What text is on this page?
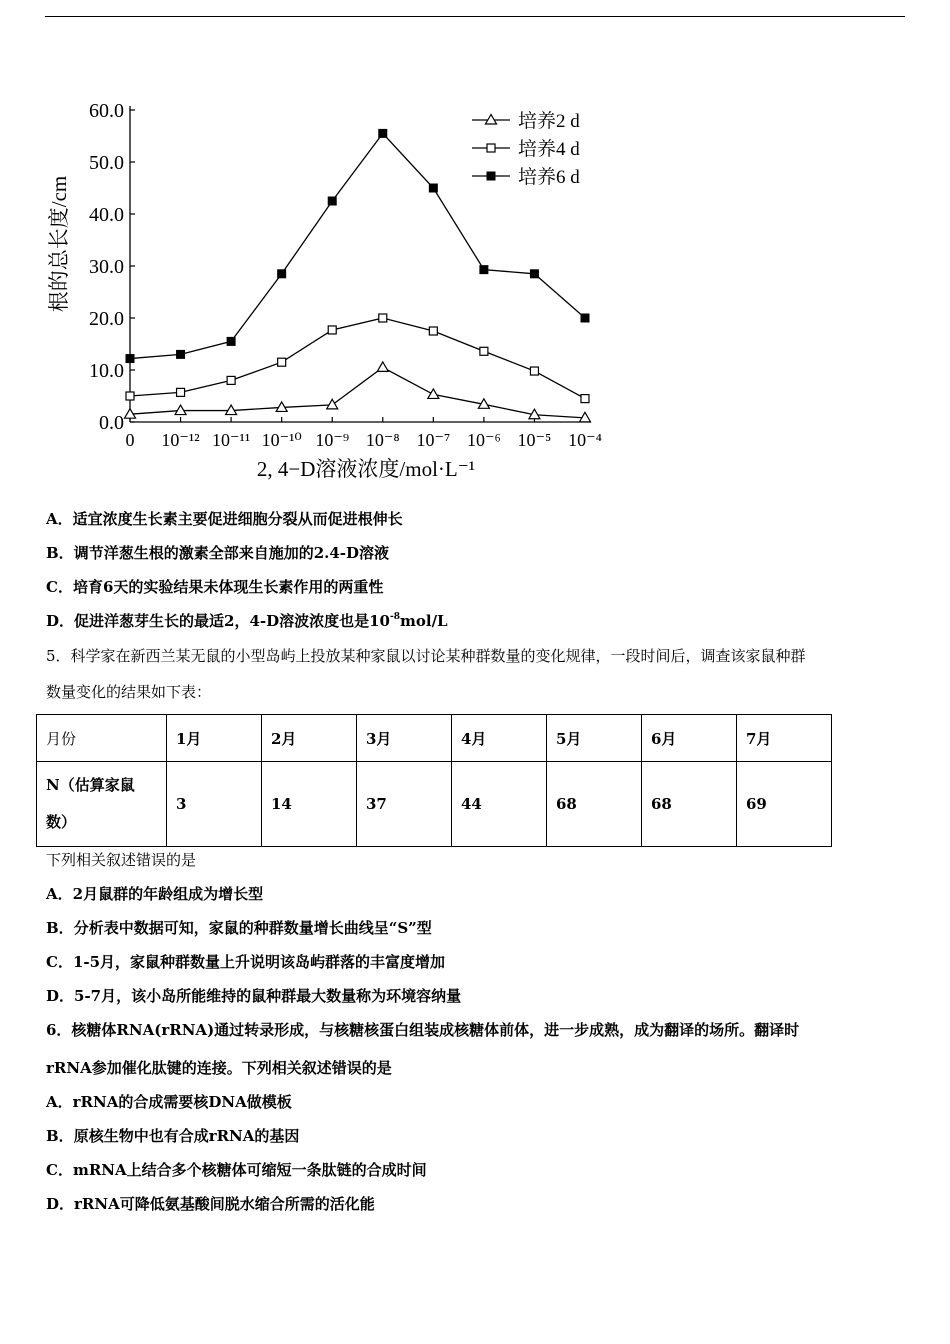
0.0
10.0
20.0
30.0
40.0
50.0
60.0
0 10⁻¹² 10⁻¹¹ 10⁻¹⁰ 10⁻⁹ 10⁻⁸ 10⁻⁷ 10⁻⁶ 10⁻⁵ 10⁻⁴
根的总长度/cm
2, 4−D溶液浓度/mol·L⁻¹
培养2 d
培养4 d
培养6 d
A．适宜浓度生长素主要促进细胞分裂从而促进根伸长
B．调节洋葱生根的激素全部来自施加的2.4-D溶液
C．培育6天的实验结果未体现生长素作用的两重性
D．促进洋葱芽生长的最适2，4-D溶波浓度也是$10^{-8}mol/L$
5．科学家在新西兰某无鼠的小型岛屿上投放某种家鼠以讨论某种群数量的变化规律，一段时间后，调查该家鼠种群
数量变化的结果如下表：
月份	1月	2月	3月	4月	5月	6月	7月
N（估算家鼠
数）	3	14	37	44	68	68	69
下列相关叙述错误的是
A．2月鼠群的年龄组成为增长型
B．分析表中数据可知，家鼠的种群数量增长曲线呈“S”型
C．1-5月，家鼠种群数量上升说明该岛屿群落的丰富度增加
D．5-7月，该小岛所能维持的鼠种群最大数量称为环境容纳量
6．核糖体RNA(rRNA)通过转录形成，与核糖核蛋白组装成核糖体前体，进一步成熟，成为翻译的场所。翻译时
rRNA参加催化肽键的连接。下列相关叙述错误的是
A．rRNA的合成需要核DNA做模板
B．原核生物中也有合成rRNA的基因
C．mRNA上结合多个核糖体可缩短一条肽链的合成时间
D．rRNA可降低氨基酸间脱水缩合所需的活化能
